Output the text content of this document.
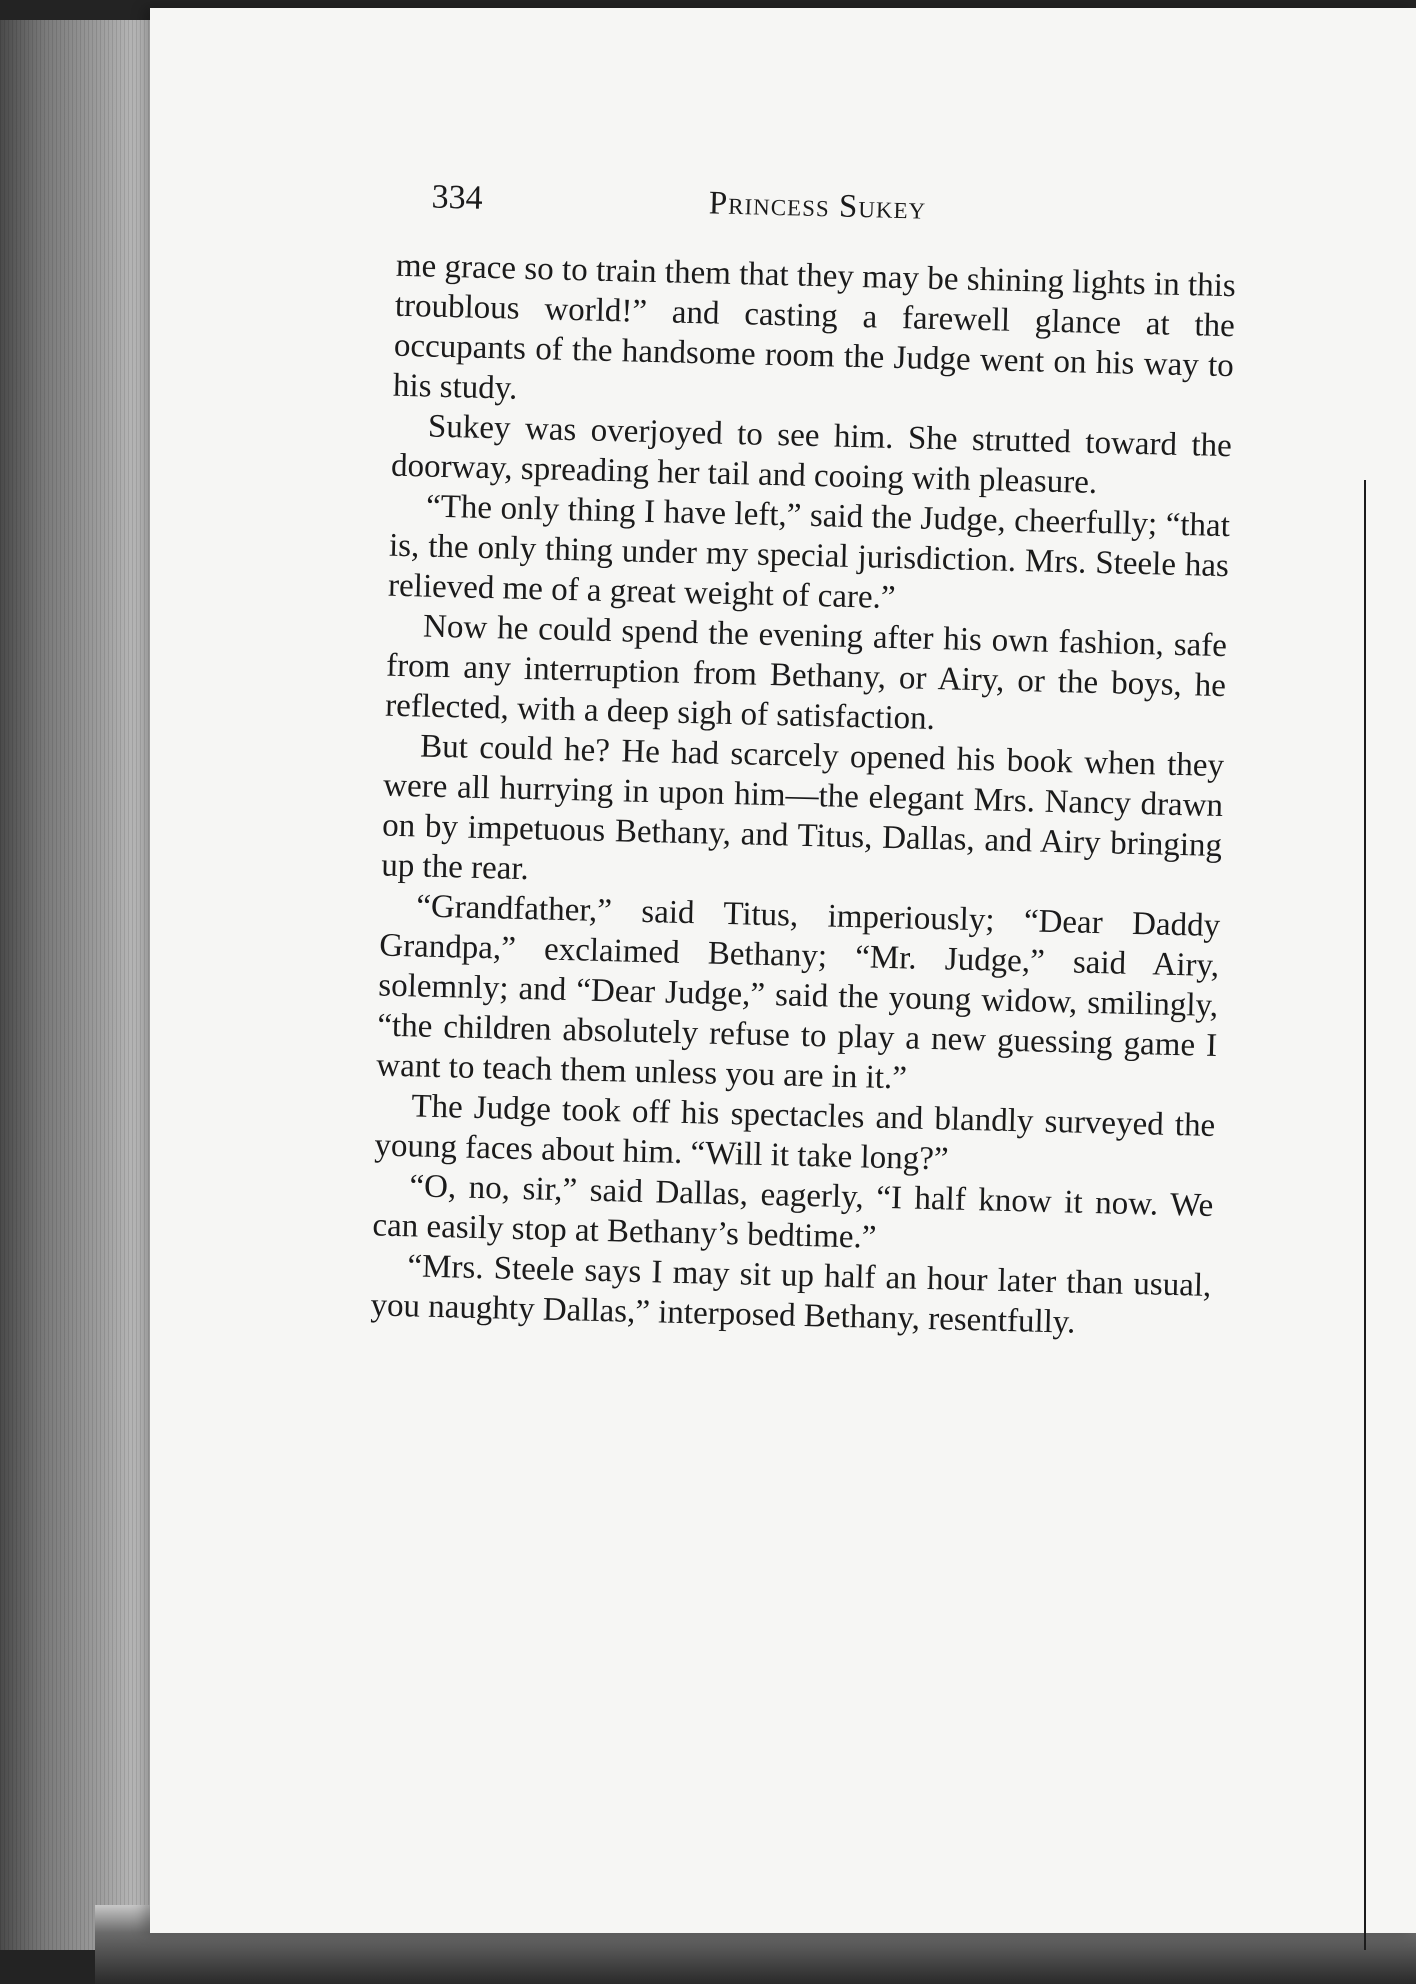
334	Princess Sukey

me grace so to train them that they may be shining lights in this troublous world!” and casting a farewell glance at the occupants of the handsome room the Judge went on his way to his study.

Sukey was overjoyed to see him. She strutted toward the doorway, spreading her tail and cooing with pleasure.

“The only thing I have left,” said the Judge, cheerfully; “that is, the only thing under my special jurisdiction. Mrs. Steele has relieved me of a great weight of care.”

Now he could spend the evening after his own fashion, safe from any interruption from Bethany, or Airy, or the boys, he reflected, with a deep sigh of satisfaction.

But could he? He had scarcely opened his book when they were all hurrying in upon him—the elegant Mrs. Nancy drawn on by impetuous Bethany, and Titus, Dallas, and Airy bringing up the rear.

“Grandfather,” said Titus, imperiously; “Dear Daddy Grandpa,” exclaimed Bethany; “Mr. Judge,” said Airy, solemnly; and “Dear Judge,” said the young widow, smilingly, “the children absolutely refuse to play a new guessing game I want to teach them unless you are in it.”

The Judge took off his spectacles and blandly surveyed the young faces about him. “Will it take long?”

“O, no, sir,” said Dallas, eagerly, “I half know it now. We can easily stop at Bethany’s bedtime.”

“Mrs. Steele says I may sit up half an hour later than usual, you naughty Dallas,” interposed Bethany, resentfully.
